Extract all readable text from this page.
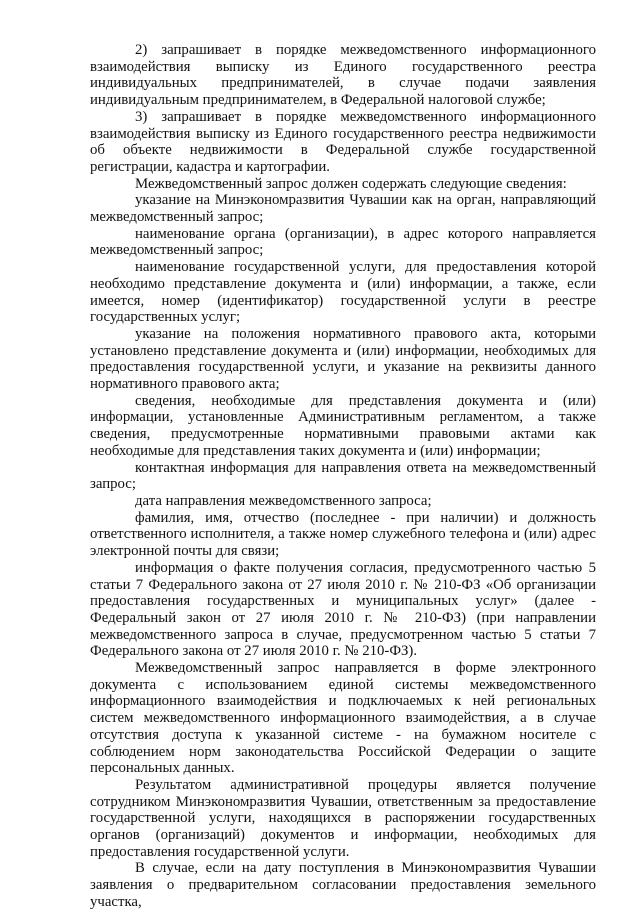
2) запрашивает в порядке межведомственного информационного взаимодействия выписку из Единого государственного реестра индивидуальных предпринимателей, в случае подачи заявления индивидуальным предпринимателем, в Федеральной налоговой службе;

3) запрашивает в порядке межведомственного информационного взаимодействия выписку из Единого государственного реестра недвижимости об объекте недвижимости в Федеральной службе государственной регистрации, кадастра и картографии.

Межведомственный запрос должен содержать следующие сведения:

указание на Минэкономразвития Чувашии как на орган, направляющий межведомственный запрос;

наименование органа (организации), в адрес которого направляется межведомственный запрос;

наименование государственной услуги, для предоставления которой необходимо представление документа и (или) информации, а также, если имеется, номер (идентификатор) государственной услуги в реестре государственных услуг;

указание на положения нормативного правового акта, которыми установлено представление документа и (или) информации, необходимых для предоставления государственной услуги, и указание на реквизиты данного нормативного правового акта;

сведения, необходимые для представления документа и (или) информации, установленные Административным регламентом, а также сведения, предусмотренные нормативными правовыми актами как необходимые для представления таких документа и (или) информации;

контактная информация для направления ответа на межведомственный запрос;

дата направления межведомственного запроса;

фамилия, имя, отчество (последнее - при наличии) и должность ответственного исполнителя, а также номер служебного телефона и (или) адрес электронной почты для связи;

информация о факте получения согласия, предусмотренного частью 5 статьи 7 Федерального закона от 27 июля 2010 г. № 210-ФЗ «Об организации предоставления государственных и муниципальных услуг» (далее - Федеральный закон от 27 июля 2010 г. № 210-ФЗ) (при направлении межведомственного запроса в случае, предусмотренном частью 5 статьи 7 Федерального закона от 27 июля 2010 г. № 210-ФЗ).

Межведомственный запрос направляется в форме электронного документа с использованием единой системы межведомственного информационного взаимодействия и подключаемых к ней региональных систем межведомственного информационного взаимодействия, а в случае отсутствия доступа к указанной системе - на бумажном носителе с соблюдением норм законодательства Российской Федерации о защите персональных данных.

Результатом административной процедуры является получение сотрудником Минэкономразвития Чувашии, ответственным за предоставление государственной услуги, находящихся в распоряжении государственных органов (организаций) документов и информации, необходимых для предоставления государственной услуги.

В случае, если на дату поступления в Минэкономразвития Чувашии заявления о предварительном согласовании предоставления земельного участка,
